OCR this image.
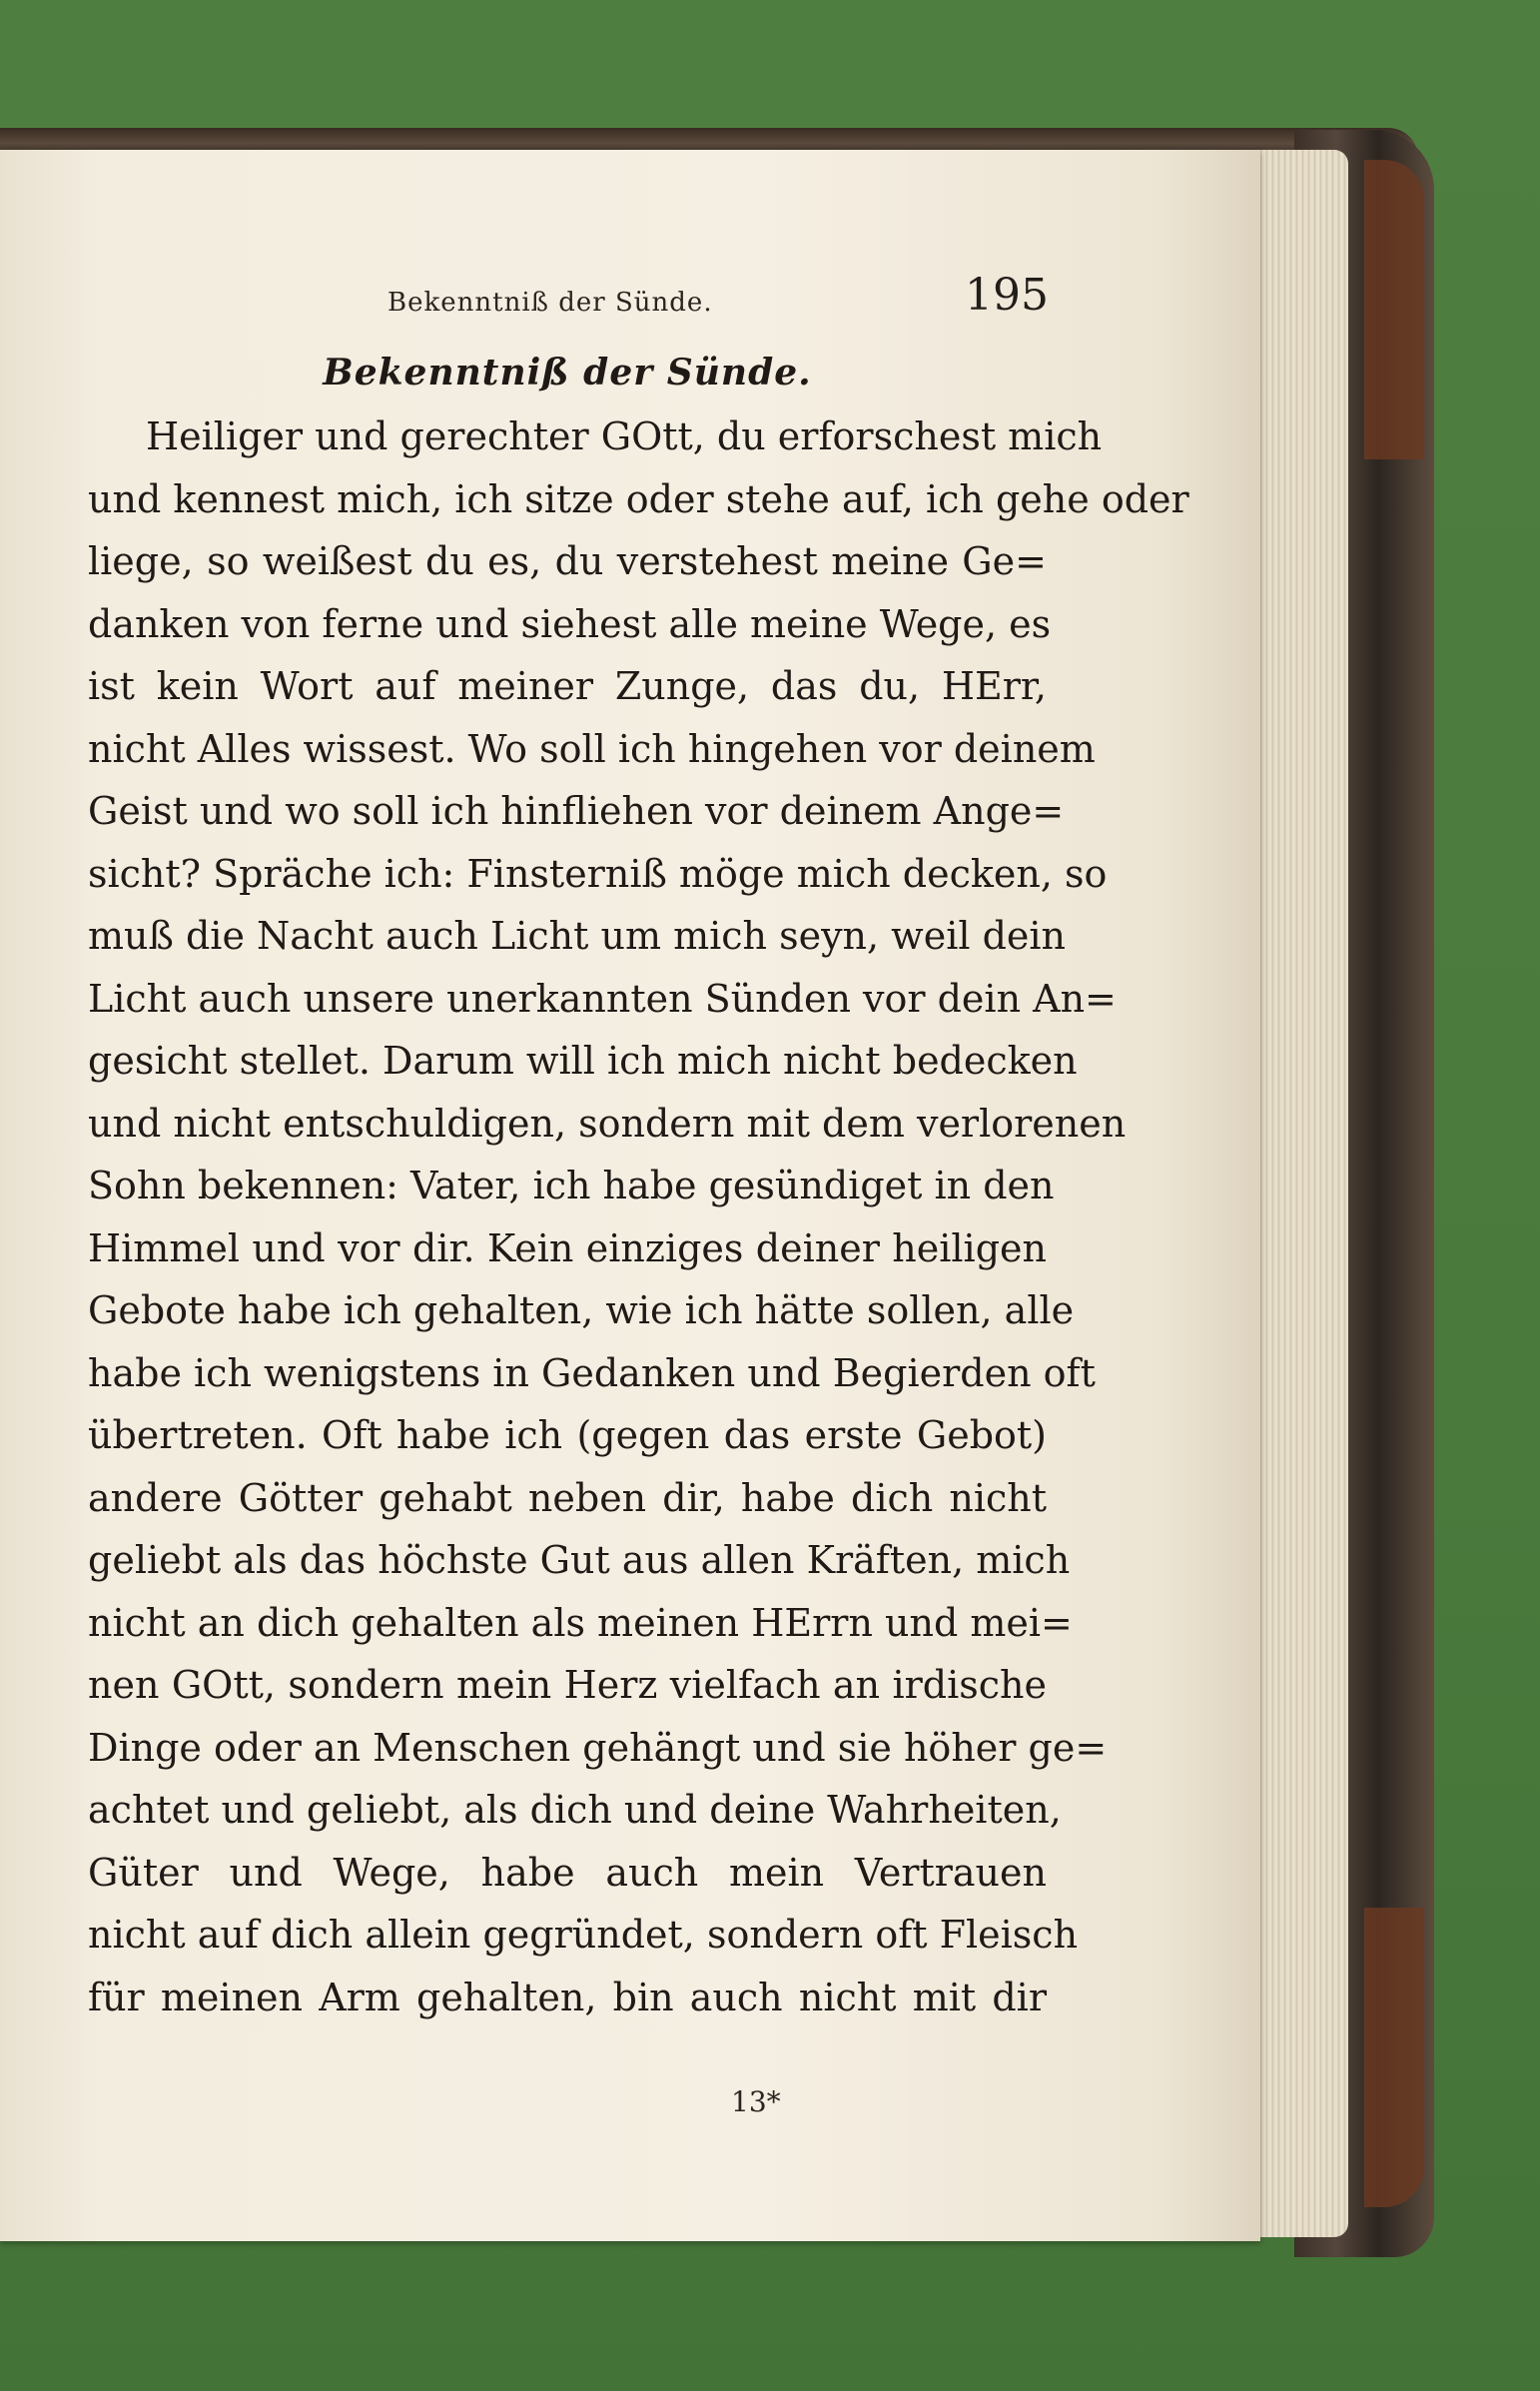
Bekenntniß der Sünde.	195
Bekenntniß der Sünde.
Heiliger und gerechter GOtt, du erforschest mich
und kennest mich, ich sitze oder stehe auf, ich gehe oder
liege, so weißest du es, du verstehest meine Ge=
danken von ferne und siehest alle meine Wege, es
ist kein Wort auf meiner Zunge, das du, HErr,
nicht Alles wissest. Wo soll ich hingehen vor deinem
Geist und wo soll ich hinfliehen vor deinem Ange=
sicht? Spräche ich: Finsterniß möge mich decken, so
muß die Nacht auch Licht um mich seyn, weil dein
Licht auch unsere unerkannten Sünden vor dein An=
gesicht stellet. Darum will ich mich nicht bedecken
und nicht entschuldigen, sondern mit dem verlorenen
Sohn bekennen: Vater, ich habe gesündiget in den
Himmel und vor dir. Kein einziges deiner heiligen
Gebote habe ich gehalten, wie ich hätte sollen, alle
habe ich wenigstens in Gedanken und Begierden oft
übertreten. Oft habe ich (gegen das erste Gebot)
andere Götter gehabt neben dir, habe dich nicht
geliebt als das höchste Gut aus allen Kräften, mich
nicht an dich gehalten als meinen HErrn und mei=
nen GOtt, sondern mein Herz vielfach an irdische
Dinge oder an Menschen gehängt und sie höher ge=
achtet und geliebt, als dich und deine Wahrheiten,
Güter und Wege, habe auch mein Vertrauen
nicht auf dich allein gegründet, sondern oft Fleisch
für meinen Arm gehalten, bin auch nicht mit dir
13*
